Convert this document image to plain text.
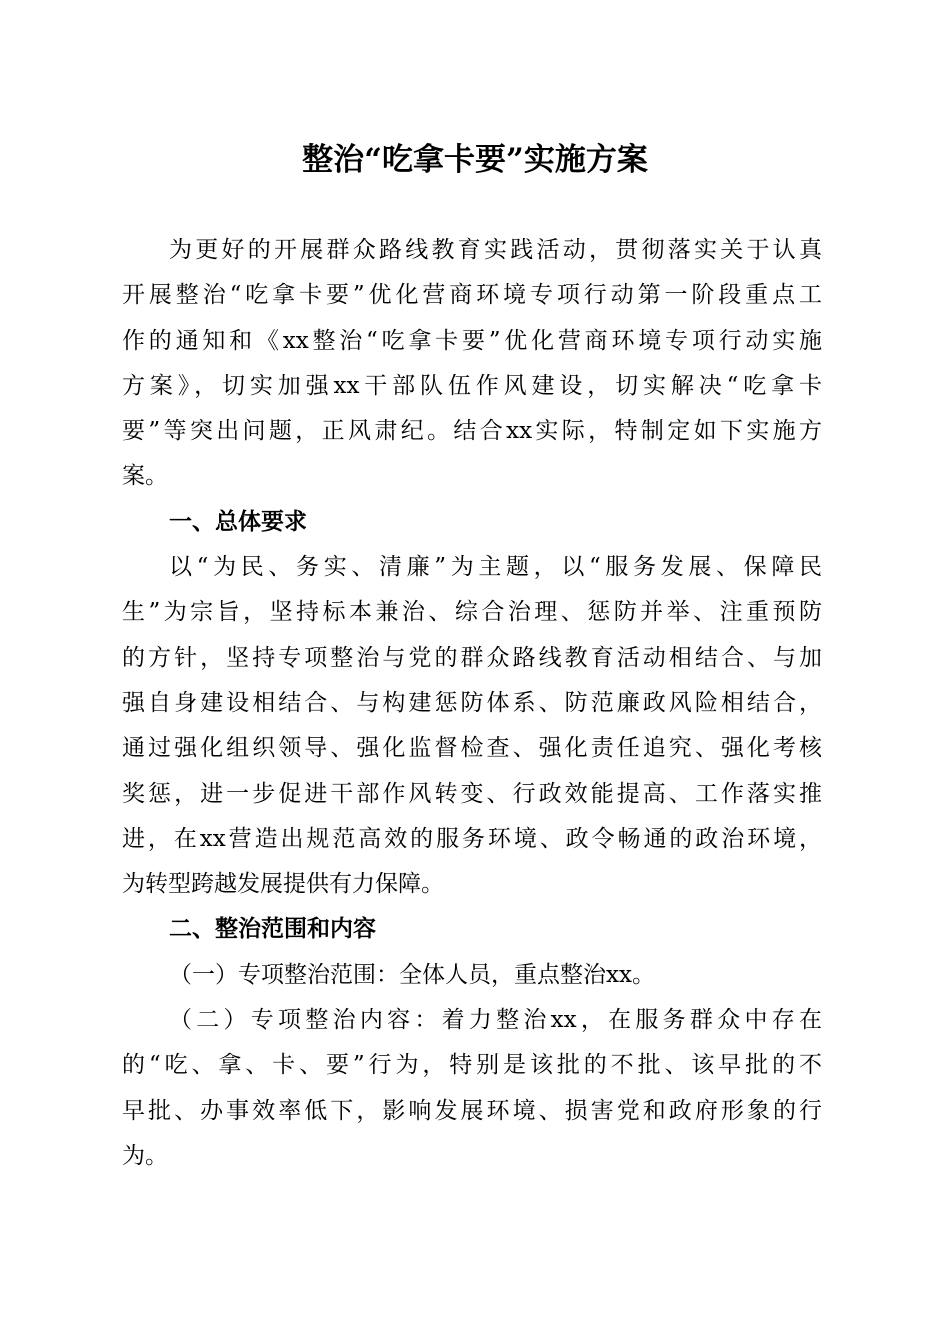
整治“吃拿卡要”实施方案
为更好的开展群众路线教育实践活动，贯彻落实关于认真
开展整治“吃拿卡要”优化营商环境专项行动第一阶段重点工
作的通知和《xx整治“吃拿卡要”优化营商环境专项行动实施
方案》，切实加强xx干部队伍作风建设，切实解决“吃拿卡
要”等突出问题，正风肃纪。结合xx实际，特制定如下实施方
案。
一、总体要求
以“为民、务实、清廉”为主题，以“服务发展、保障民
生”为宗旨，坚持标本兼治、综合治理、惩防并举、注重预防
的方针，坚持专项整治与党的群众路线教育活动相结合、与加
强自身建设相结合、与构建惩防体系、防范廉政风险相结合，
通过强化组织领导、强化监督检查、强化责任追究、强化考核
奖惩，进一步促进干部作风转变、行政效能提高、工作落实推
进，在xx营造出规范高效的服务环境、政令畅通的政治环境，
为转型跨越发展提供有力保障。
二、整治范围和内容
（一）专项整治范围：全体人员，重点整治xx。
（二）专项整治内容：着力整治xx，在服务群众中存在
的“吃、拿、卡、要”行为，特别是该批的不批、该早批的不
早批、办事效率低下，影响发展环境、损害党和政府形象的行
为。
